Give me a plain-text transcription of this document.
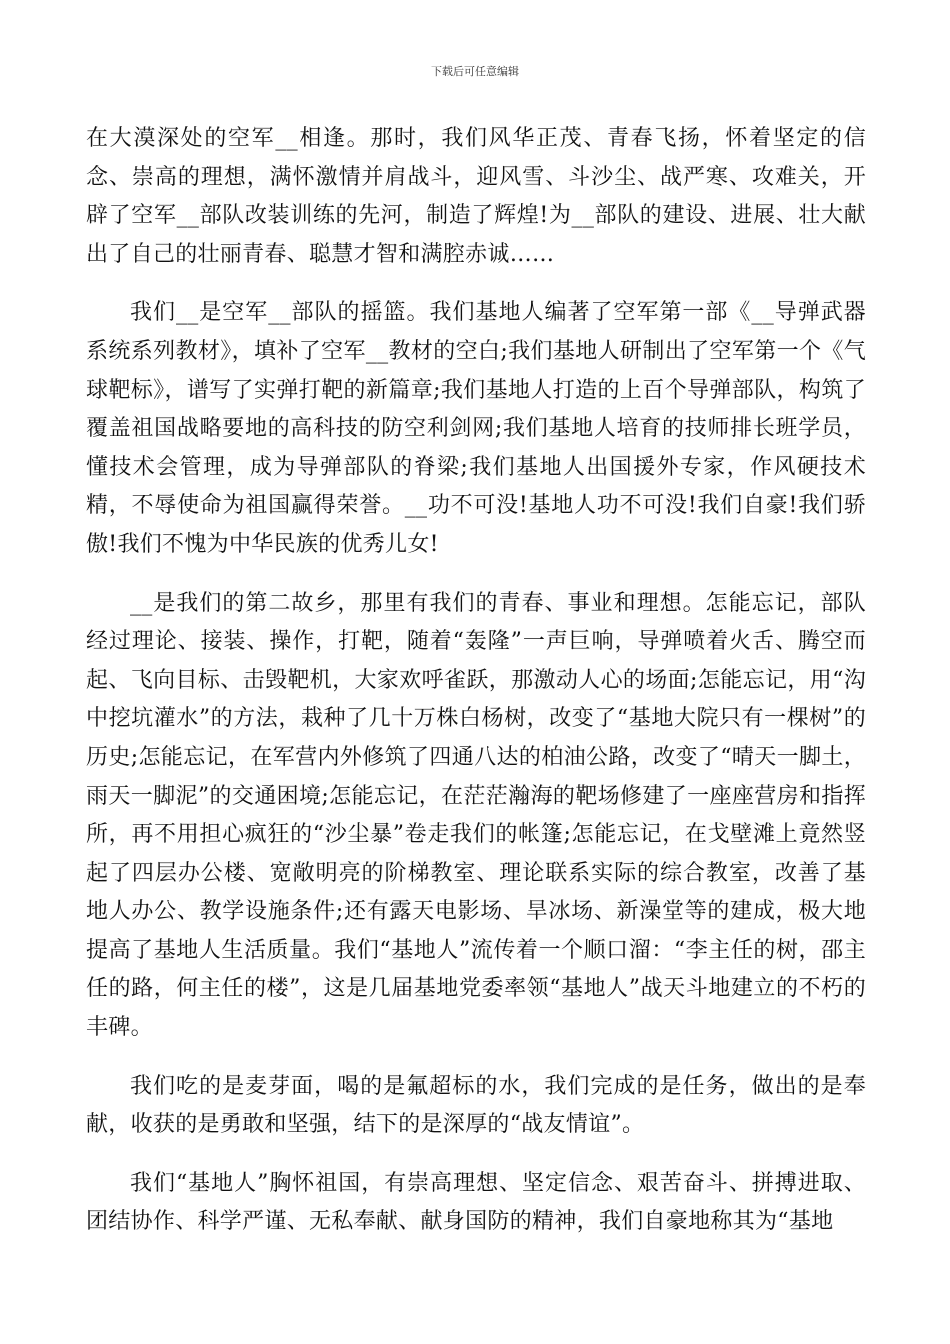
下载后可任意编辑

在大漠深处的空军__相逢。那时，我们风华正茂、青春飞扬，怀着坚定的信念、崇高的理想，满怀激情并肩战斗，迎风雪、斗沙尘、战严寒、攻难关，开辟了空军__部队改装训练的先河，制造了辉煌!为__部队的建设、进展、壮大献出了自己的壮丽青春、聪慧才智和满腔赤诚……

我们__是空军__部队的摇篮。我们基地人编著了空军第一部《__导弹武器系统系列教材》，填补了空军__教材的空白;我们基地人研制出了空军第一个《气球靶标》，谱写了实弹打靶的新篇章;我们基地人打造的上百个导弹部队，构筑了覆盖祖国战略要地的高科技的防空利剑网;我们基地人培育的技师排长班学员，懂技术会管理，成为导弹部队的脊梁;我们基地人出国援外专家，作风硬技术精，不辱使命为祖国赢得荣誉。__功不可没!基地人功不可没!我们自豪!我们骄傲!我们不愧为中华民族的优秀儿女!

__是我们的第二故乡，那里有我们的青春、事业和理想。怎能忘记，部队经过理论、接装、操作，打靶，随着“轰隆”一声巨响，导弹喷着火舌、腾空而起、飞向目标、击毁靶机，大家欢呼雀跃，那激动人心的场面;怎能忘记，用“沟中挖坑灌水”的方法，栽种了几十万株白杨树，改变了“基地大院只有一棵树”的历史;怎能忘记，在军营内外修筑了四通八达的柏油公路，改变了“晴天一脚土，雨天一脚泥”的交通困境;怎能忘记，在茫茫瀚海的靶场修建了一座座营房和指挥所，再不用担心疯狂的“沙尘暴”卷走我们的帐篷;怎能忘记，在戈壁滩上竟然竖起了四层办公楼、宽敞明亮的阶梯教室、理论联系实际的综合教室，改善了基地人办公、教学设施条件;还有露天电影场、旱冰场、新澡堂等的建成，极大地提高了基地人生活质量。我们“基地人”流传着一个顺口溜：“李主任的树，邵主任的路，何主任的楼”，这是几届基地党委率领“基地人”战天斗地建立的不朽的丰碑。

我们吃的是麦芽面，喝的是氟超标的水，我们完成的是任务，做出的是奉献，收获的是勇敢和坚强，结下的是深厚的“战友情谊”。

我们“基地人”胸怀祖国，有崇高理想、坚定信念、艰苦奋斗、拼搏进取、团结协作、科学严谨、无私奉献、献身国防的精神，我们自豪地称其为“基地
